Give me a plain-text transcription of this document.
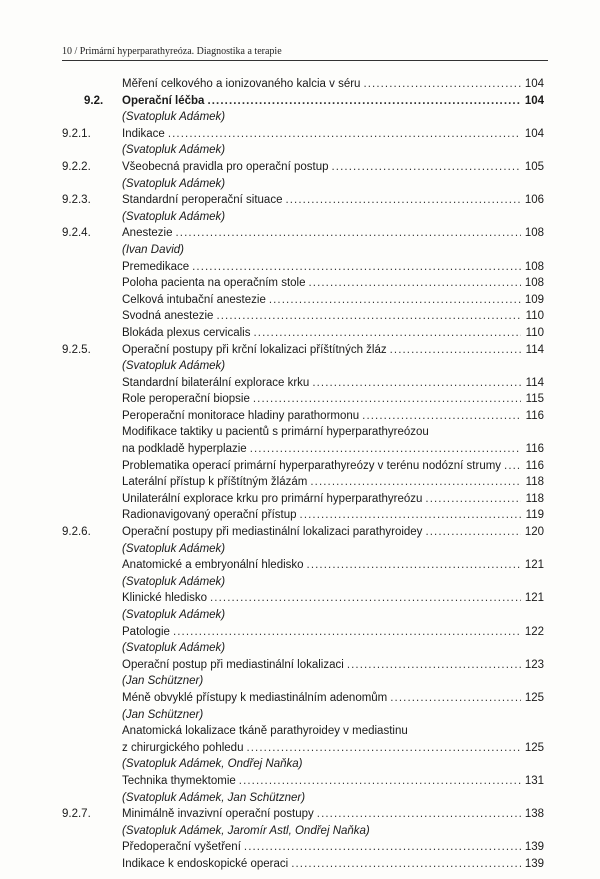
10 / Primární hyperparathyreóza. Diagnostika a terapie
Měření celkového a ionizovaného kalcia v séru .....	104
9.2.	Operační léčba .....	104
(Svatopluk Adámek)
9.2.1.	Indikace .....	104
(Svatopluk Adámek)
9.2.2.	Všeobecná pravidla pro operační postup .....	105
(Svatopluk Adámek)
9.2.3.	Standardní peroperační situace .....	106
(Svatopluk Adámek)
9.2.4.	Anestezie .....	108
(Ivan David)
Premedikace .....	108
Poloha pacienta na operačním stole .....	108
Celková intubační anestezie .....	109
Svodná anestezie .....	110
Blokáda plexus cervicalis .....	110
9.2.5.	Operační postupy při krční lokalizaci příštítných žláz .....	114
(Svatopluk Adámek)
Standardní bilaterální explorace krku .....	114
Role peroperační biopsie .....	115
Peroperační monitorace hladiny parathormonu .....	116
Modifikace taktiky u pacientů s primární hyperparathyreózou
na podkladě hyperplazie .....	116
Problematika operací primární hyperparathyreózy v terénu nodózní strumy ..... 116
Laterální přístup k příštítným žlázám .....	118
Unilaterální explorace krku pro primární hyperparathyreózu .....	118
Radionavigovaný operační přístup .....	119
9.2.6.	Operační postupy při mediastinální lokalizaci parathyroidey .....	120
(Svatopluk Adámek)
Anatomické a embryonální hledisko .....	121
(Svatopluk Adámek)
Klinické hledisko .....	121
(Svatopluk Adámek)
Patologie .....	122
(Svatopluk Adámek)
Operační postup při mediastinální lokalizaci .....	123
(Jan Schützner)
Méně obvyklé přístupy k mediastinálním adenomům .....	125
(Jan Schützner)
Anatomická lokalizace tkáně parathyroidey v mediastinu
z chirurgického pohledu .....	125
(Svatopluk Adámek, Ondřej Naňka)
Technika thymektomie .....	131
(Svatopluk Adámek, Jan Schützner)
9.2.7.	Minimálně invazivní operační postupy .....	138
(Svatopluk Adámek, Jaromír Astl, Ondřej Naňka)
Předoperační vyšetření .....	139
Indikace k endoskopické operaci .....	139
